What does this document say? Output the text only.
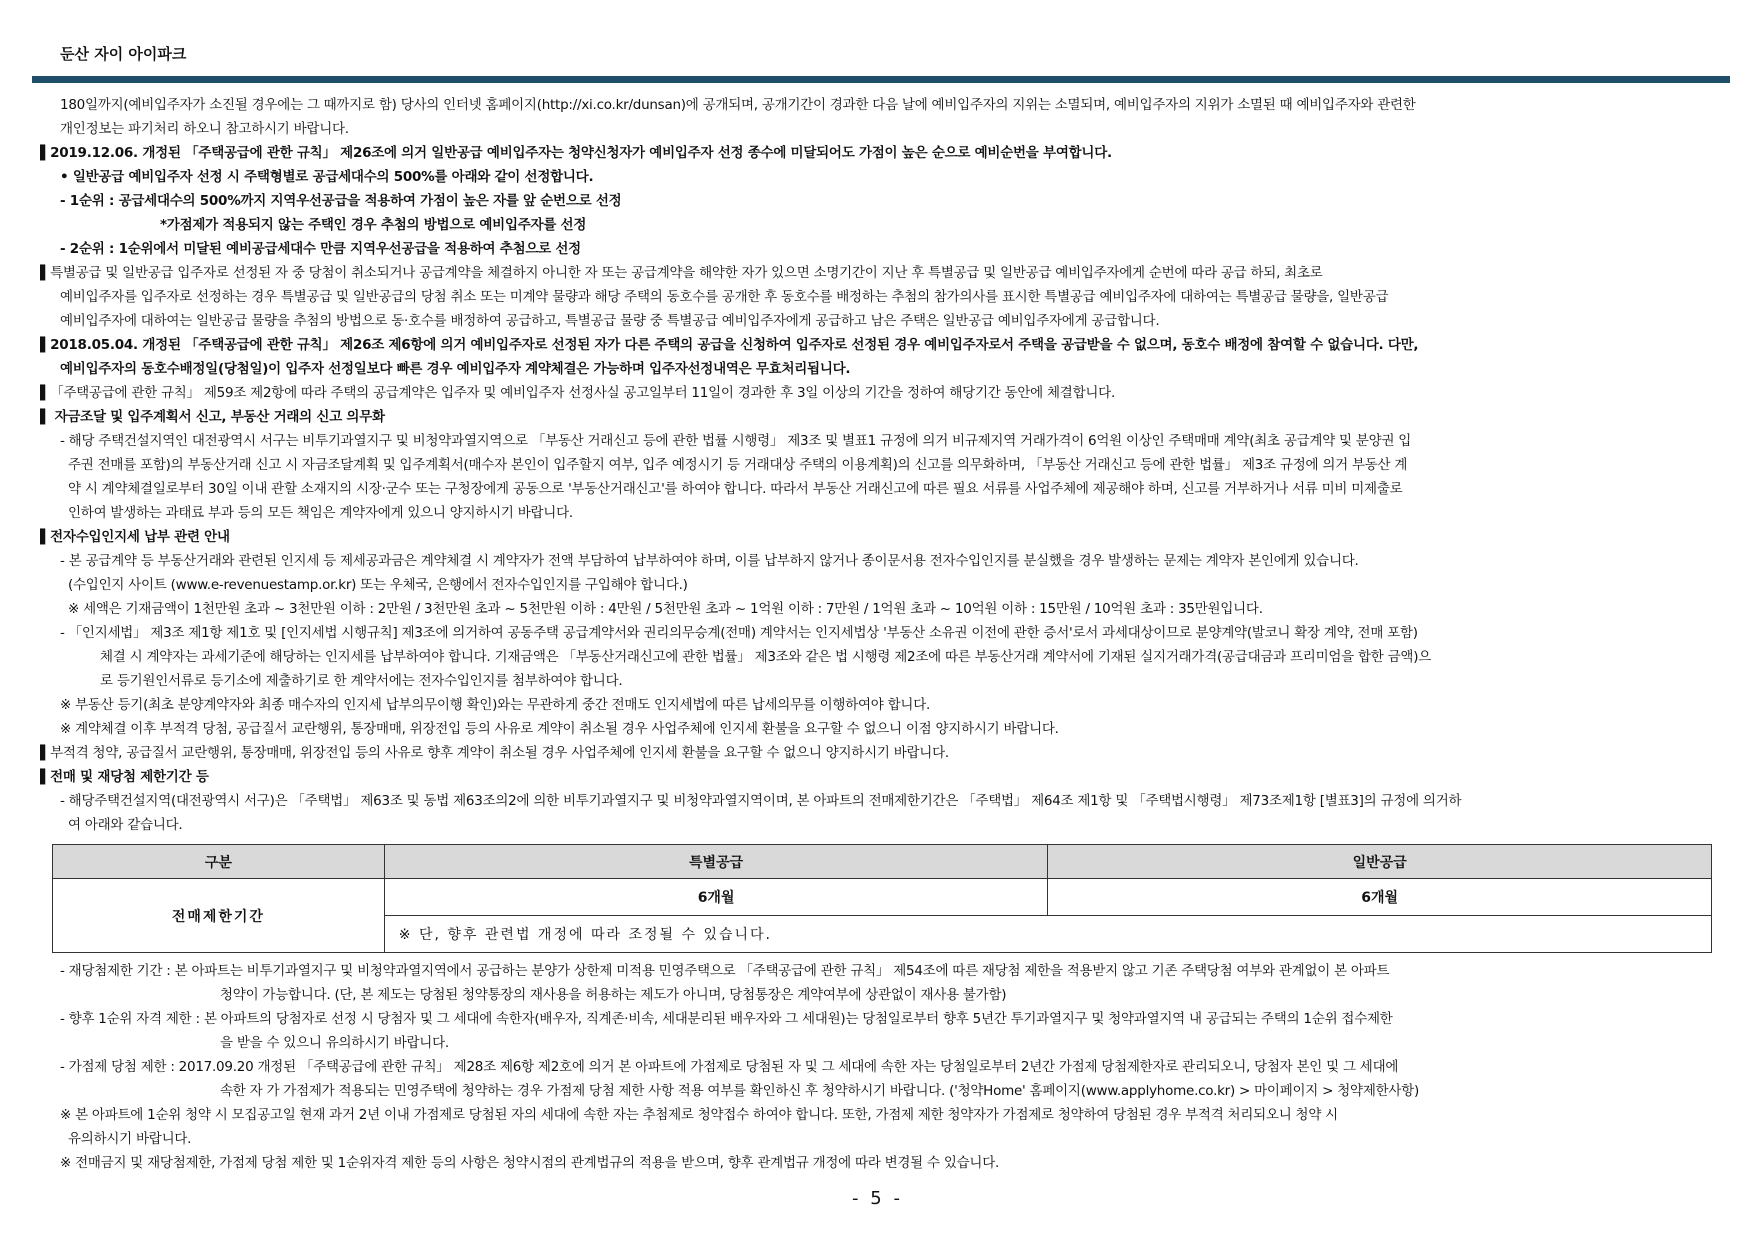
둔산 자이 아이파크
180일까지(예비입주자가 소진될 경우에는 그 때까지로 함) 당사의 인터넷 홈페이지(http://xi.co.kr/dunsan)에 공개되며, 공개기간이 경과한 다음 날에 예비입주자의 지위는 소멸되며, 예비입주자의 지위가 소멸된 때 예비입주자와 관련한
개인정보는 파기처리 하오니 참고하시기 바랍니다.
▌2019.12.06. 개정된 「주택공급에 관한 규칙」 제26조에 의거 일반공급 예비입주자는 청약신청자가 예비입주자 선정 종수에 미달되어도 가점이 높은 순으로 예비순번을 부여합니다.
• 일반공급 예비입주자 선정 시 주택형별로 공급세대수의 500%를 아래와 같이 선정합니다.
- 1순위 : 공급세대수의 500%까지 지역우선공급을 적용하여 가점이 높은 자를 앞 순번으로 선정
*가점제가 적용되지 않는 주택인 경우 추첨의 방법으로 예비입주자를 선정
- 2순위 : 1순위에서 미달된 예비공급세대수 만큼 지역우선공급을 적용하여 추첨으로 선정
▌특별공급 및 일반공급 입주자로 선정된 자 중 당첨이 취소되거나 공급계약을 체결하지 아니한 자 또는 공급계약을 해약한 자가 있으면 소명기간이 지난 후 특별공급 및 일반공급 예비입주자에게 순번에 따라 공급 하되, 최초로
예비입주자를 입주자로 선정하는 경우 특별공급 및 일반공급의 당첨 취소 또는 미계약 물량과 해당 주택의 동호수를 공개한 후 동호수를 배정하는 추첨의 참가의사를 표시한 특별공급 예비입주자에 대하여는 특별공급 물량을, 일반공급
예비입주자에 대하여는 일반공급 물량을 추첨의 방법으로 동·호수를 배정하여 공급하고, 특별공급 물량 중 특별공급 예비입주자에게 공급하고 남은 주택은 일반공급 예비입주자에게 공급합니다.
▌2018.05.04. 개정된 「주택공급에 관한 규칙」 제26조 제6항에 의거 예비입주자로 선정된 자가 다른 주택의 공급을 신청하여 입주자로 선정된 경우 예비입주자로서 주택을 공급받을 수 없으며, 동호수 배정에 참여할 수 없습니다. 다만,
예비입주자의 동호수배정일(당첨일)이 입주자 선정일보다 빠른 경우 예비입주자 계약체결은 가능하며 입주자선정내역은 무효처리됩니다.
▌「주택공급에 관한 규칙」 제59조 제2항에 따라 주택의 공급계약은 입주자 및 예비입주자 선정사실 공고일부터 11일이 경과한 후 3일 이상의 기간을 정하여 해당기간 동안에 체결합니다.
▌ 자금조달 및 입주계획서 신고, 부동산 거래의 신고 의무화
- 해당 주택건설지역인 대전광역시 서구는 비투기과열지구 및 비청약과열지역으로 「부동산 거래신고 등에 관한 법률 시행령」 제3조 및 별표1 규정에 의거 비규제지역 거래가격이 6억원 이상인 주택매매 계약(최초 공급계약 및 분양권 입
주권 전매를 포함)의 부동산거래 신고 시 자금조달계획 및 입주계획서(매수자 본인이 입주할지 여부, 입주 예정시기 등 거래대상 주택의 이용계획)의 신고를 의무화하며, 「부동산 거래신고 등에 관한 법률」 제3조 규정에 의거 부동산 계
약 시 계약체결일로부터 30일 이내 관할 소재지의 시장·군수 또는 구청장에게 공동으로 '부동산거래신고'를 하여야 합니다. 따라서 부동산 거래신고에 따른 필요 서류를 사업주체에 제공해야 하며, 신고를 거부하거나 서류 미비 미제출로
인하여 발생하는 과태료 부과 등의 모든 책임은 계약자에게 있으니 양지하시기 바랍니다.
▌전자수입인지세 납부 관련 안내
- 본 공급계약 등 부동산거래와 관련된 인지세 등 제세공과금은 계약체결 시 계약자가 전액 부담하여 납부하여야 하며, 이를 납부하지 않거나 종이문서용 전자수입인지를 분실했을 경우 발생하는 문제는 계약자 본인에게 있습니다.
(수입인지 사이트 (www.e-revenuestamp.or.kr) 또는 우체국, 은행에서 전자수입인지를 구입해야 합니다.)
※ 세액은 기재금액이 1천만원 초과 ~ 3천만원 이하 : 2만원 / 3천만원 초과 ~ 5천만원 이하 : 4만원 / 5천만원 초과 ~ 1억원 이하 : 7만원 / 1억원 초과 ~ 10억원 이하 : 15만원 / 10억원 초과 : 35만원입니다.
- 「인지세법」 제3조 제1항 제1호 및 [인지세법 시행규칙] 제3조에 의거하여 공동주택 공급계약서와 권리의무승계(전매) 계약서는 인지세법상 '부동산 소유권 이전에 관한 증서'로서 과세대상이므로 분양계약(발코니 확장 계약, 전매 포함)
체결 시 계약자는 과세기준에 해당하는 인지세를 납부하여야 합니다. 기재금액은 「부동산거래신고에 관한 법률」 제3조와 같은 법 시행령 제2조에 따른 부동산거래 계약서에 기재된 실지거래가격(공급대금과 프리미엄을 합한 금액)으
로 등기원인서류로 등기소에 제출하기로 한 계약서에는 전자수입인지를 첨부하여야 합니다.
※ 부동산 등기(최초 분양계약자와 최종 매수자의 인지세 납부의무이행 확인)와는 무관하게 중간 전매도 인지세법에 따른 납세의무를 이행하여야 합니다.
※ 계약체결 이후 부적격 당첨, 공급질서 교란행위, 통장매매, 위장전입 등의 사유로 계약이 취소될 경우 사업주체에 인지세 환불을 요구할 수 없으니 이점 양지하시기 바랍니다.
▌부적격 청약, 공급질서 교란행위, 통장매매, 위장전입 등의 사유로 향후 계약이 취소될 경우 사업주체에 인지세 환불을 요구할 수 없으니 양지하시기 바랍니다.
▌전매 및 재당첨 제한기간 등
- 해당주택건설지역(대전광역시 서구)은 「주택법」 제63조 및 동법 제63조의2에 의한 비투기과열지구 및 비청약과열지역이며, 본 아파트의 전매제한기간은 「주택법」 제64조 제1항 및 「주택법시행령」 제73조제1항 [별표3]의 규정에 의거하
여 아래와 같습니다.
구분	특별공급	일반공급
전매제한기간	6개월	6개월
	※ 단, 향후 관련법 개정에 따라 조정될 수 있습니다.	
- 재당첨제한 기간 : 본 아파트는 비투기과열지구 및 비청약과열지역에서 공급하는 분양가 상한제 미적용 민영주택으로 「주택공급에 관한 규칙」 제54조에 따른 재당첨 제한을 적용받지 않고 기존 주택당첨 여부와 관계없이 본 아파트
청약이 가능합니다. (단, 본 제도는 당첨된 청약통장의 재사용을 허용하는 제도가 아니며, 당첨통장은 계약여부에 상관없이 재사용 불가함)
- 향후 1순위 자격 제한 : 본 아파트의 당첨자로 선정 시 당첨자 및 그 세대에 속한자(배우자, 직계존·비속, 세대분리된 배우자와 그 세대원)는 당첨일로부터 향후 5년간 투기과열지구 및 청약과열지역 내 공급되는 주택의 1순위 접수제한
을 받을 수 있으니 유의하시기 바랍니다.
- 가점제 당첨 제한 : 2017.09.20 개정된 「주택공급에 관한 규칙」 제28조 제6항 제2호에 의거 본 아파트에 가점제로 당첨된 자 및 그 세대에 속한 자는 당첨일로부터 2년간 가점제 당첨제한자로 관리되오니, 당첨자 본인 및 그 세대에
속한 자 가 가점제가 적용되는 민영주택에 청약하는 경우 가점제 당첨 제한 사항 적용 여부를 확인하신 후 청약하시기 바랍니다. ('청약Home' 홈페이지(www.applyhome.co.kr) > 마이페이지 > 청약제한사항)
※ 본 아파트에 1순위 청약 시 모집공고일 현재 과거 2년 이내 가점제로 당첨된 자의 세대에 속한 자는 추첨제로 청약접수 하여야 합니다. 또한, 가점제 제한 청약자가 가점제로 청약하여 당첨된 경우 부적격 처리되오니 청약 시
유의하시기 바랍니다.
※ 전매금지 및 재당첨제한, 가점제 당첨 제한 및 1순위자격 제한 등의 사항은 청약시점의 관계법규의 적용을 받으며, 향후 관계법규 개정에 따라 변경될 수 있습니다.
- 5 -
